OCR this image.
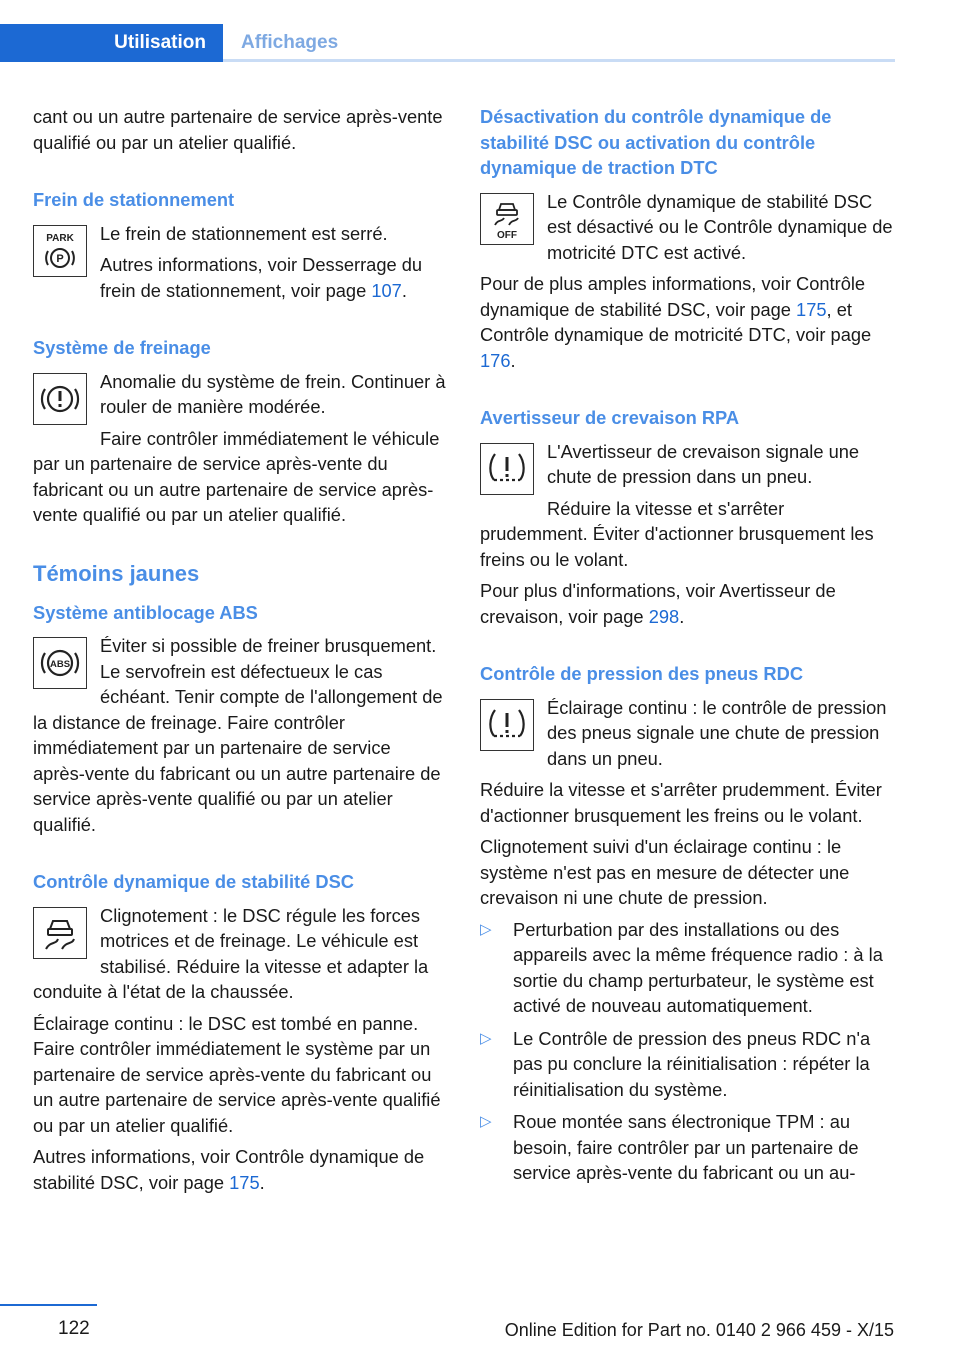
Utilisation	Affichages

cant ou un autre partenaire de service après-vente qualifié ou par un atelier qualifié.

Frein de stationnement
PARK
P

Le frein de stationnement est serré.

Autres informations, voir Desserrage du frein de stationnement, voir page 107.

Système de freinage

Anomalie du système de frein. Continuer à rouler de manière modérée.

Faire contrôler immédiatement le véhicule par un partenaire de service après-vente du fabricant ou un autre partenaire de service après-vente qualifié ou par un atelier qualifié.

Témoins jaunes
Système antiblocage ABS
ABS

Éviter si possible de freiner brusquement. Le servofrein est défectueux le cas échéant. Tenir compte de l'allongement de la distance de freinage. Faire contrôler immédiatement par un partenaire de service après-vente du fabricant ou un autre partenaire de service après-vente qualifié ou par un atelier qualifié.

Contrôle dynamique de stabilité DSC

Clignotement : le DSC régule les forces motrices et de freinage. Le véhicule est stabilisé. Réduire la vitesse et adapter la conduite à l'état de la chaussée.

Éclairage continu : le DSC est tombé en panne. Faire contrôler immédiatement le système par un partenaire de service après-vente du fabricant ou un autre partenaire de service après-vente qualifié ou par un atelier qualifié.

Autres informations, voir Contrôle dynamique de stabilité DSC, voir page 175.

Désactivation du contrôle dynamique de stabilité DSC ou activation du contrôle dynamique de traction DTC
OFF

Le Contrôle dynamique de stabilité DSC est désactivé ou le Contrôle dynamique de motricité DTC est activé.

Pour de plus amples informations, voir Contrôle dynamique de stabilité DSC, voir page 175, et Contrôle dynamique de motricité DTC, voir page 176.

Avertisseur de crevaison RPA

L'Avertisseur de crevaison signale une chute de pression dans un pneu.

Réduire la vitesse et s'arrêter prudemment. Éviter d'actionner brusquement les freins ou le volant.

Pour plus d'informations, voir Avertisseur de crevaison, voir page 298.

Contrôle de pression des pneus RDC

Éclairage continu : le contrôle de pression des pneus signale une chute de pression dans un pneu.

Réduire la vitesse et s'arrêter prudemment. Éviter d'actionner brusquement les freins ou le volant.

Clignotement suivi d'un éclairage continu : le système n'est pas en mesure de détecter une crevaison ni une chute de pression.

▷ Perturbation par des installations ou des appareils avec la même fréquence radio : à la sortie du champ perturbateur, le système est activé de nouveau automatiquement.
▷ Le Contrôle de pression des pneus RDC n'a pas pu conclure la réinitialisation : répéter la réinitialisation du système.
▷ Roue montée sans électronique TPM : au besoin, faire contrôler par un partenaire de service après-vente du fabricant ou un au-
122	Online Edition for Part no. 0140 2 966 459 - X/15
